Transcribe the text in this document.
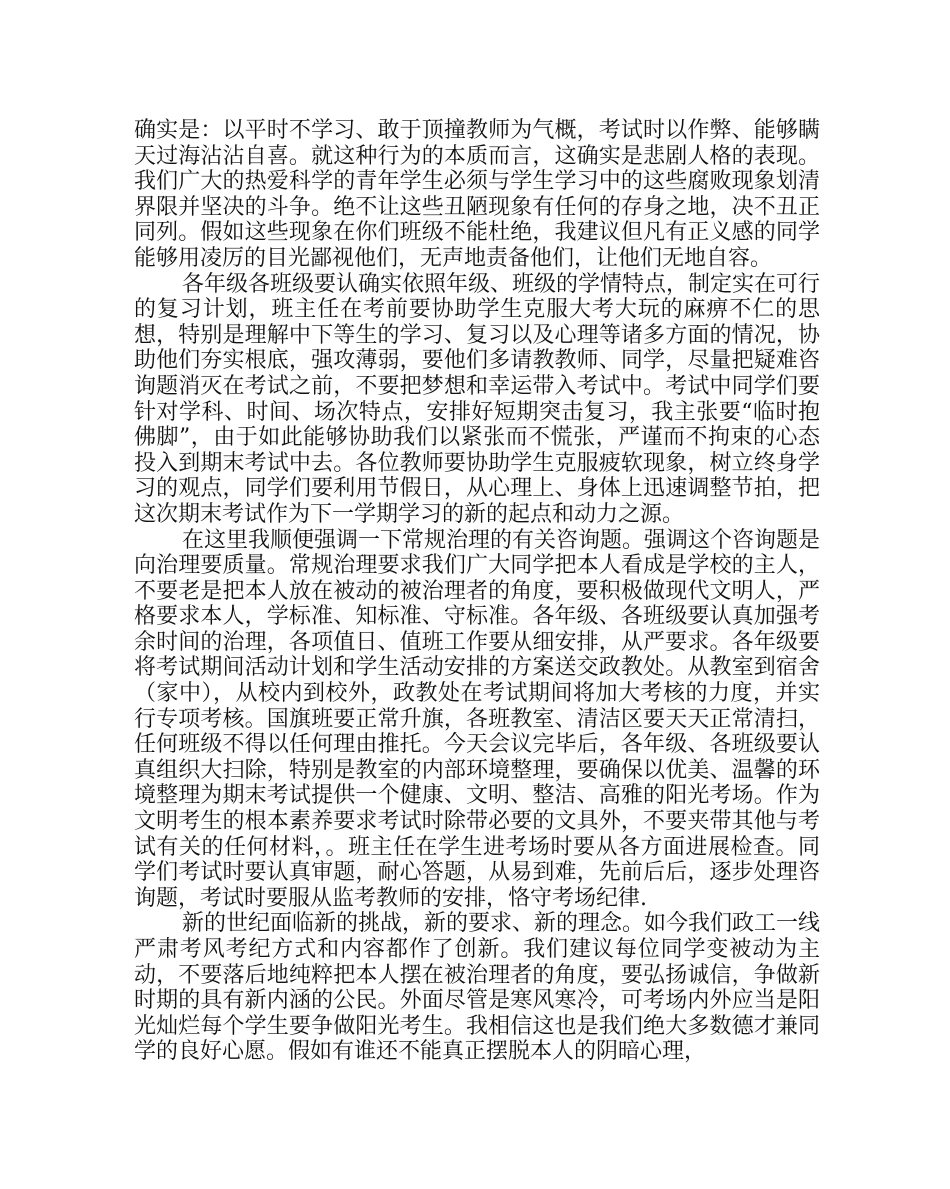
确实是：以平时不学习、敢于顶撞教师为气概，考试时以作弊、能够瞒天过海沾沾自喜。就这种行为的本质而言，这确实是悲剧人格的表现。我们广大的热爱科学的青年学生必须与学生学习中的这些腐败现象划清界限并坚决的斗争。绝不让这些丑陋现象有任何的存身之地，决不丑正同列。假如这些现象在你们班级不能杜绝，我建议但凡有正义感的同学能够用凌厉的目光鄙视他们，无声地责备他们，让他们无地自容。

各年级各班级要认确实依照年级、班级的学情特点，制定实在可行的复习计划，班主任在考前要协助学生克服大考大玩的麻痹不仁的思想，特别是理解中下等生的学习、复习以及心理等诸多方面的情况，协助他们夯实根底，强攻薄弱，要他们多请教教师、同学，尽量把疑难咨询题消灭在考试之前，不要把梦想和幸运带入考试中。考试中同学们要针对学科、时间、场次特点，安排好短期突击复习，我主张要“临时抱佛脚”，由于如此能够协助我们以紧张而不慌张，严谨而不拘束的心态投入到期末考试中去。各位教师要协助学生克服疲软现象，树立终身学习的观点，同学们要利用节假日，从心理上、身体上迅速调整节拍，把这次期末考试作为下一学期学习的新的起点和动力之源。

在这里我顺便强调一下常规治理的有关咨询题。强调这个咨询题是向治理要质量。常规治理要求我们广大同学把本人看成是学校的主人，不要老是把本人放在被动的被治理者的角度，要积极做现代文明人，严格要求本人，学标准、知标准、守标准。各年级、各班级要认真加强考余时间的治理，各项值日、值班工作要从细安排，从严要求。各年级要将考试期间活动计划和学生活动安排的方案送交政教处。从教室到宿舍（家中），从校内到校外，政教处在考试期间将加大考核的力度，并实行专项考核。国旗班要正常升旗，各班教室、清洁区要天天正常清扫，任何班级不得以任何理由推托。今天会议完毕后，各年级、各班级要认真组织大扫除，特别是教室的内部环境整理，要确保以优美、温馨的环境整理为期末考试提供一个健康、文明、整洁、高雅的阳光考场。作为文明考生的根本素养要求考试时除带必要的文具外，不要夹带其他与考试有关的任何材料，。班主任在学生进考场时要从各方面进展检查。同学们考试时要认真审题，耐心答题，从易到难，先前后后，逐步处理咨询题，考试时要服从监考教师的安排，恪守考场纪律.

新的世纪面临新的挑战，新的要求、新的理念。如今我们政工一线严肃考风考纪方式和内容都作了创新。我们建议每位同学变被动为主动，不要落后地纯粹把本人摆在被治理者的角度，要弘扬诚信，争做新时期的具有新内涵的公民。外面尽管是寒风寒冷，可考场内外应当是阳光灿烂每个学生要争做阳光考生。我相信这也是我们绝大多数德才兼同学的良好心愿。假如有谁还不能真正摆脱本人的阴暗心理，
